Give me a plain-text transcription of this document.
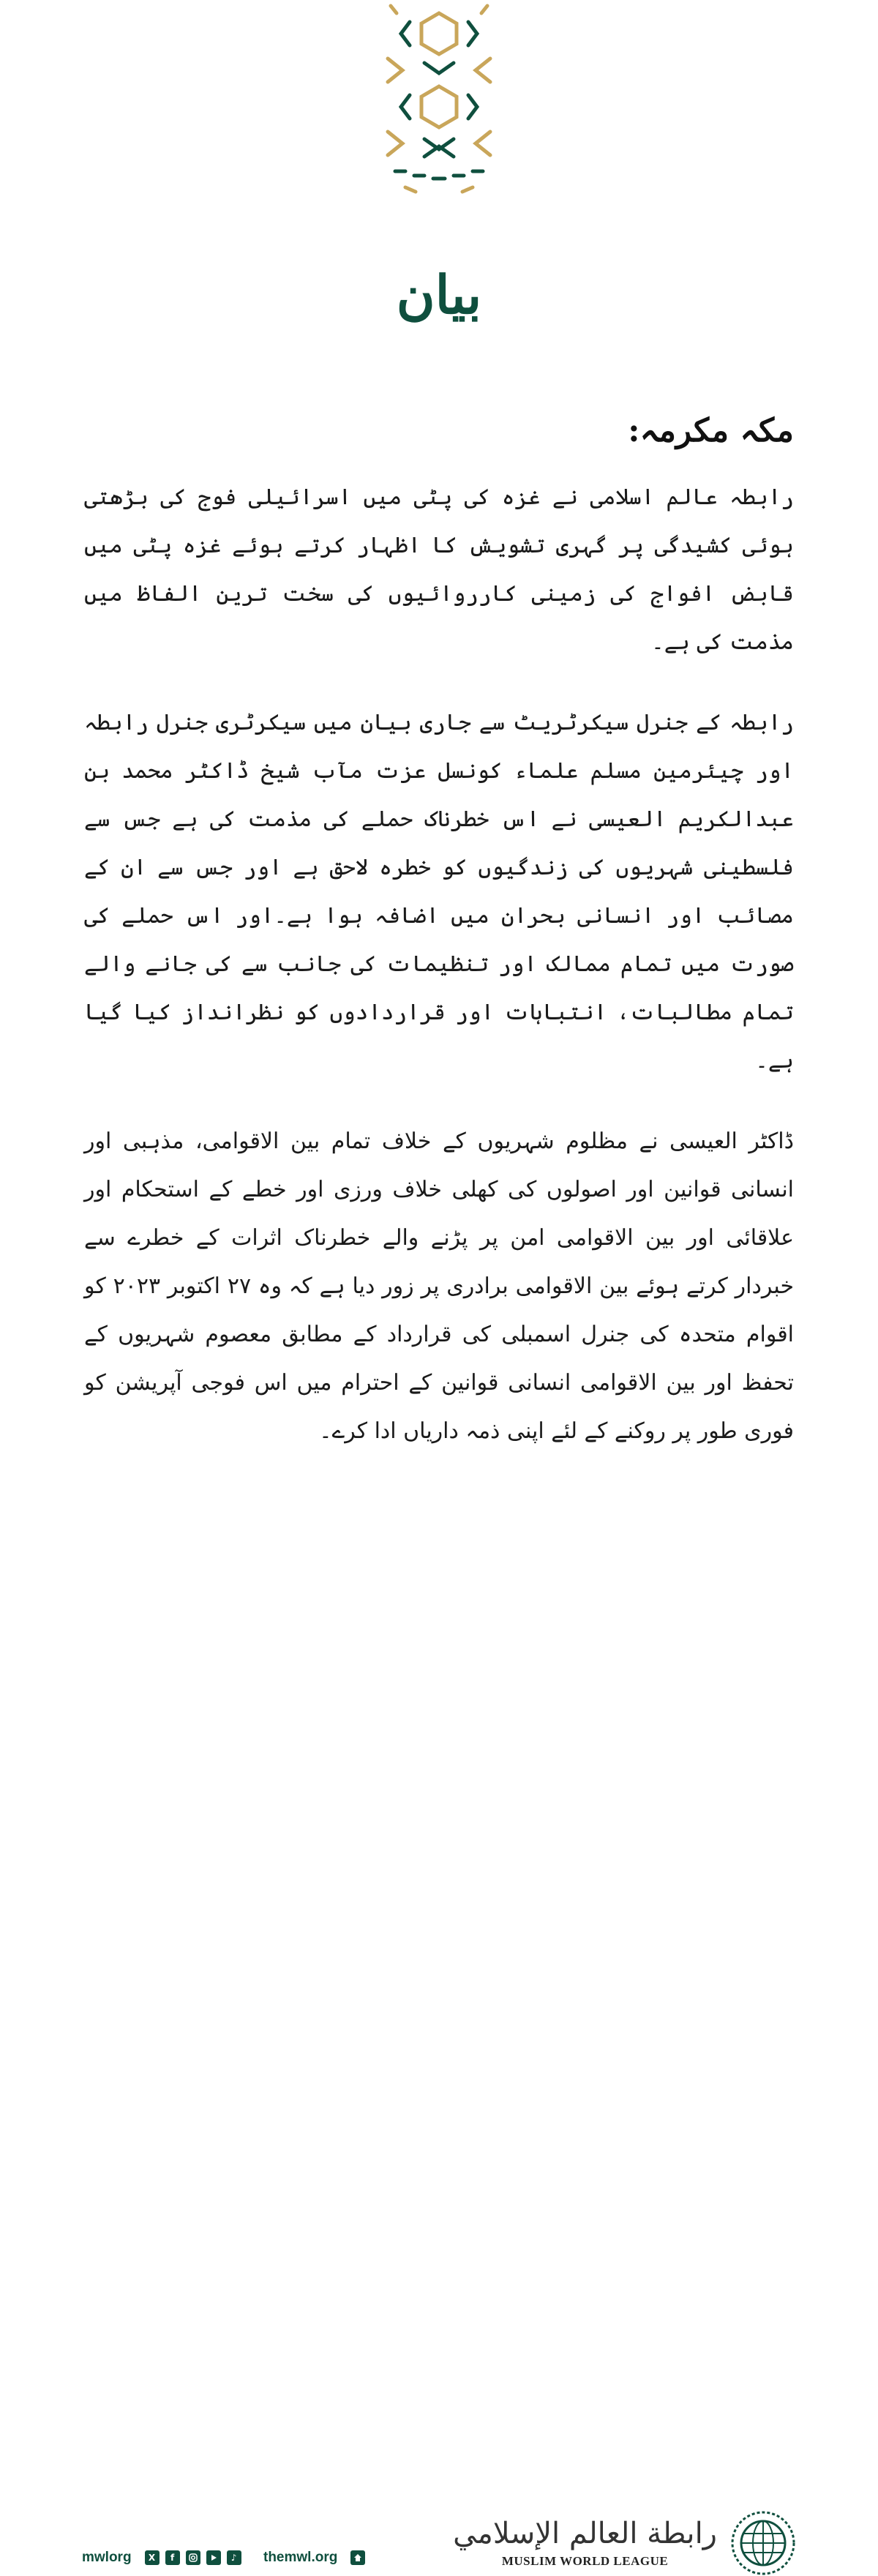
بیان
مکہ مکرمہ:

رابطہ عالم اسلامی نے غزہ کی پٹی میں اسرائیلی فوج کی بڑھتی ہوئی کشیدگی پر گہری تشویش کا اظہار کرتے ہوئے غزہ پٹی میں قابض افواج کی زمینی کارروائیوں کی سخت ترین الفاظ میں مذمت کی ہے۔

رابطہ کے جنرل سیکرٹریٹ سے جاری بیان میں سیکرٹری جنرل رابطہ اور چیئرمین مسلم علماء کونسل عزت مآب شیخ ڈاکٹر محمد بن عبدالکریم العیسی نے اس خطرناک حملے کی مذمت کی ہے جس سے فلسطینی شہریوں کی زندگیوں کو خطرہ لاحق ہے اور جس سے ان کے مصائب اور انسانی بحران میں اضافہ ہوا ہے۔اور اس حملے کی صورت میں تمام ممالک اور تنظیمات کی جانب سے کی جانے والے تمام مطالبات، انتباہات اور قراردادوں کو نظرانداز کیا گیا ہے۔

ڈاکٹر العیسی نے مظلوم شہریوں کے خلاف تمام بین الاقوامی، مذہبی اور انسانی قوانین اور اصولوں کی کھلی خلاف ورزی اور خطے کے استحکام اور علاقائی اور بین الاقوامی امن پر پڑنے والے خطرناک اثرات کے خطرے سے خبردار کرتے ہوئے بین الاقوامی برادری پر زور دیا ہے کہ وہ ۲۷ اکتوبر ۲۰۲۳ کو اقوام متحدہ کی جنرل اسمبلی کی قرارداد کے مطابق معصوم شہریوں کے تحفظ اور بین الاقوامی انسانی قوانین کے احترام میں اس فوجی آپریشن کو فوری طور پر روکنے کے لئے اپنی ذمہ داریاں ادا کرے۔

mwlorg	X	f	♪	themwl.org
رابطة العالم الإسلامي
MUSLIM WORLD LEAGUE
